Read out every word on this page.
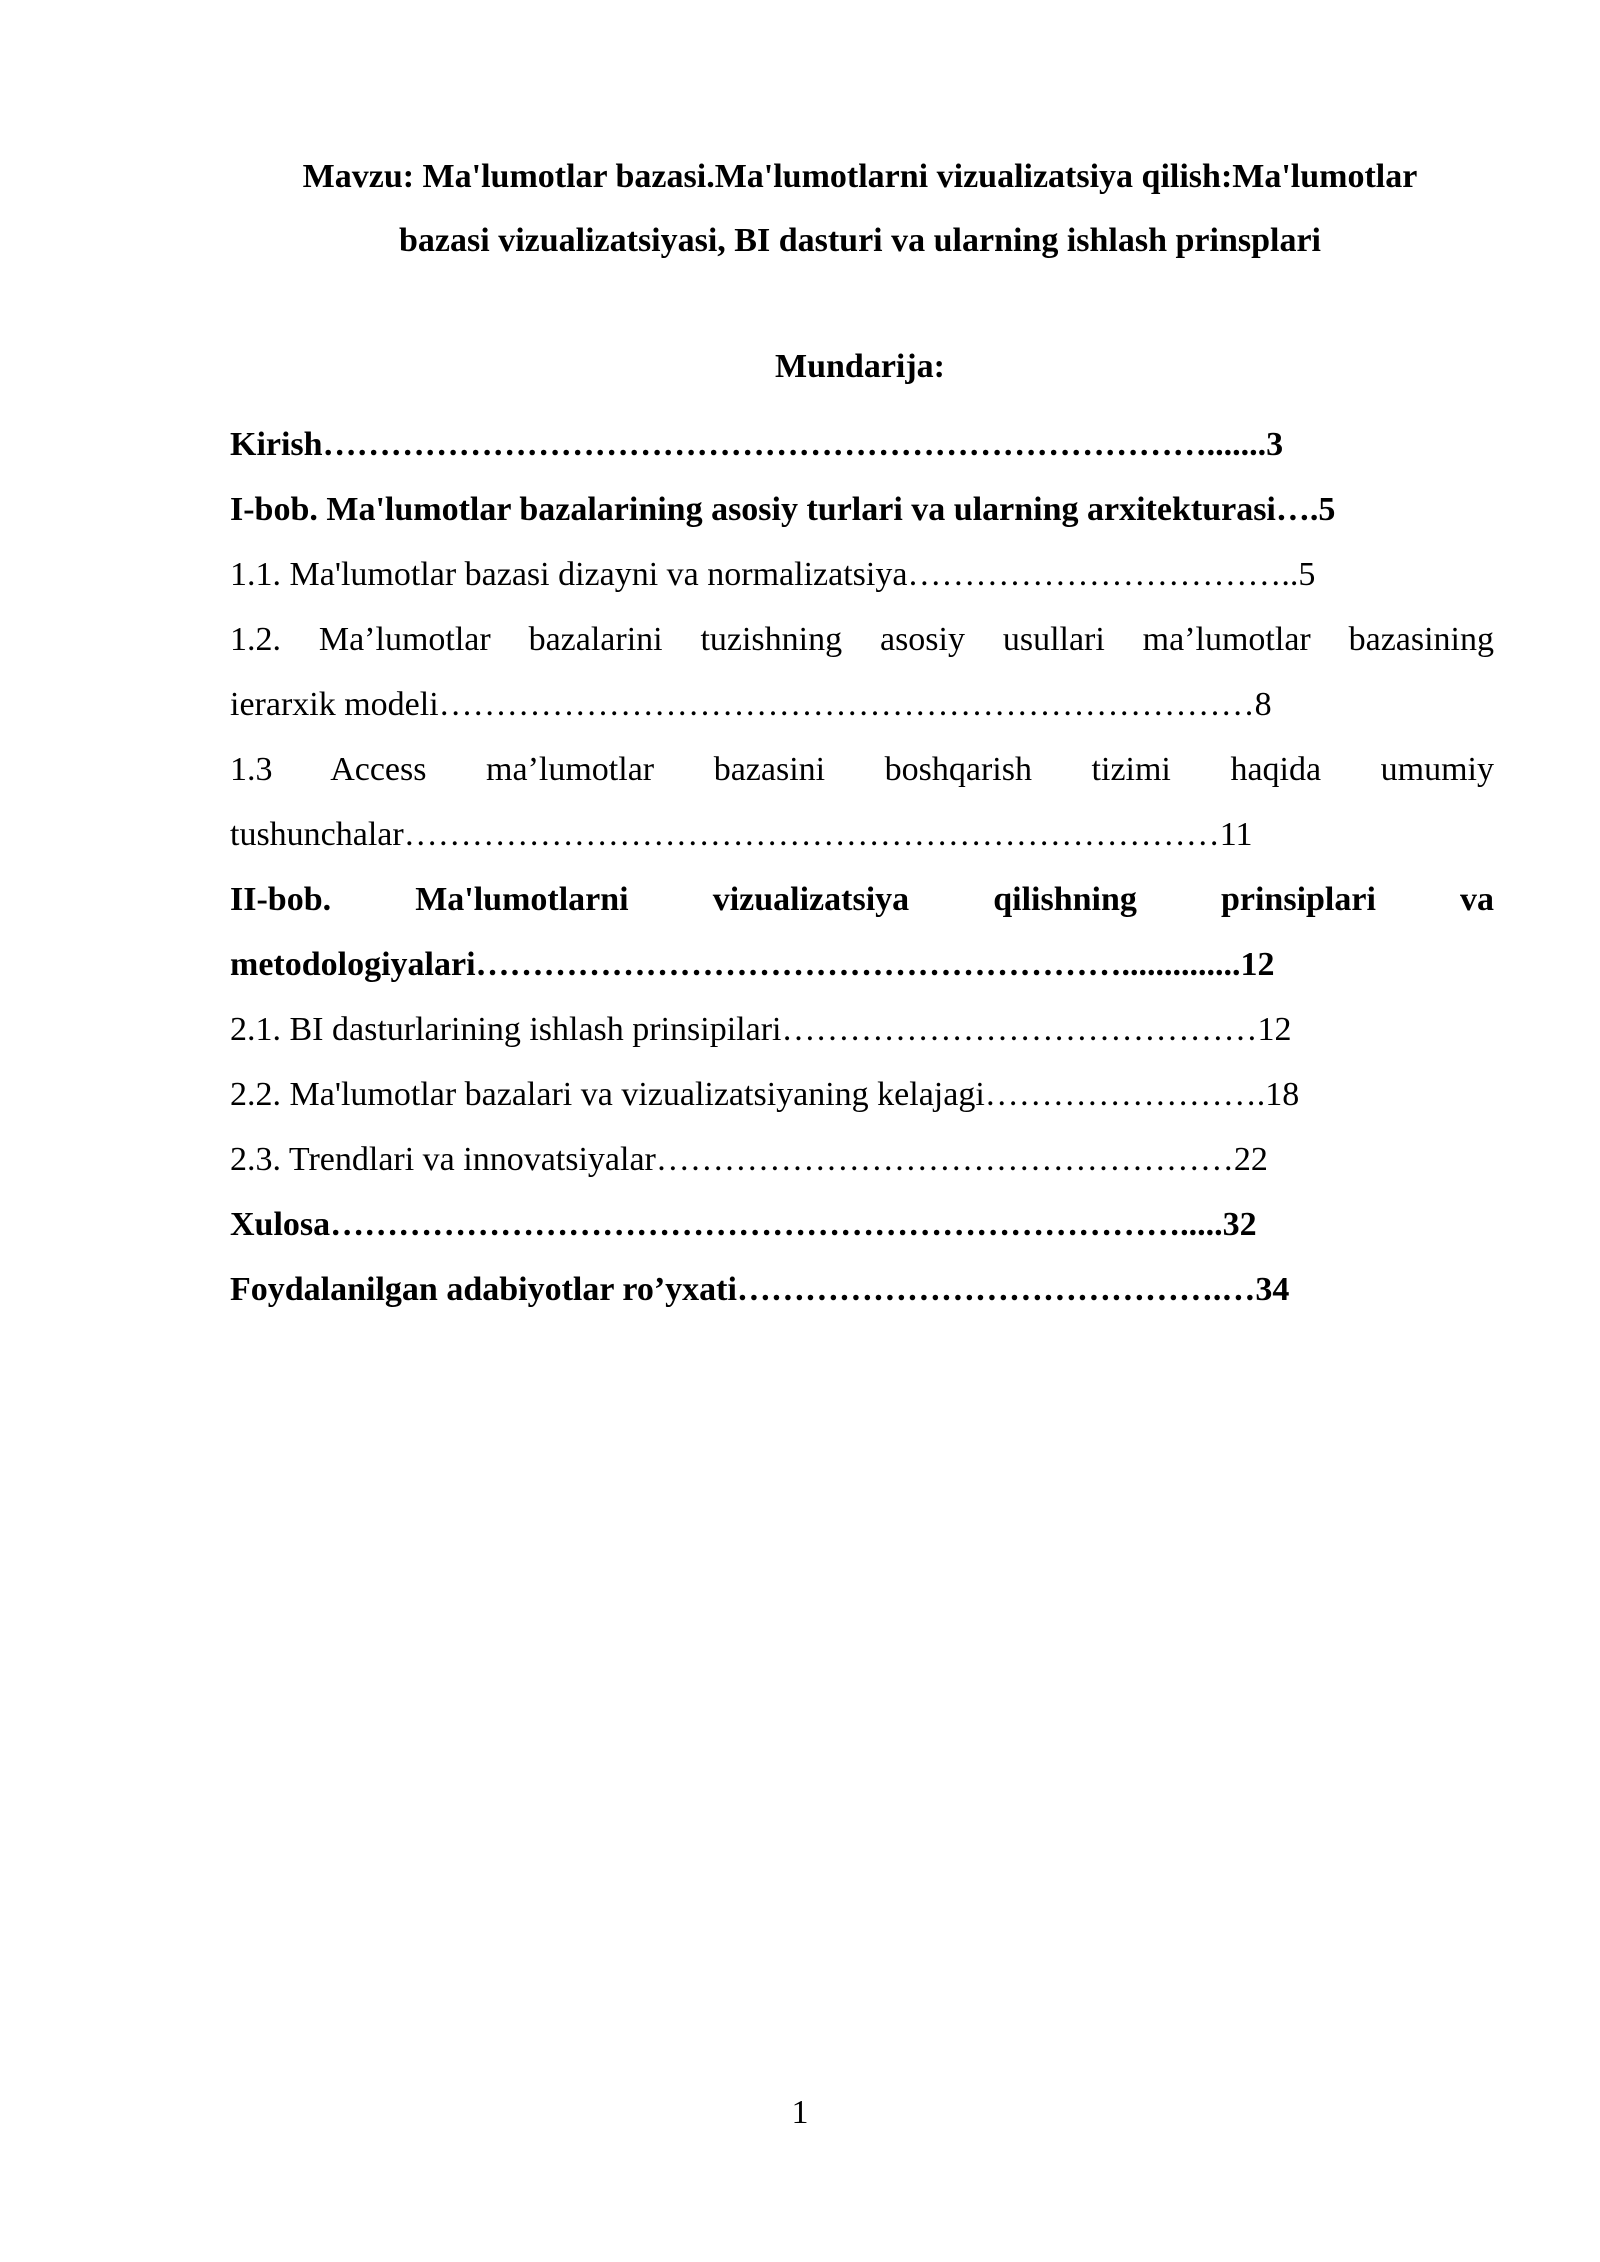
Mavzu: Ma'lumotlar bazasi.Ma'lumotlarni vizualizatsiya qilish:Ma'lumotlar
bazasi vizualizatsiyasi, BI dasturi va ularning ishlash prinsplari
Mundarija:
Kirish…………………………………………………………………….......3
I-bob. Ma'lumotlar bazalarining asosiy turlari va ularning arxitekturasi….5
1.1. Ma'lumotlar bazasi dizayni va normalizatsiya……………………………..5
1.2. Ma’lumotlar bazalarini tuzishning asosiy usullari ma’lumotlar bazasining
ierarxik modeli………………………………………………………………8
1.3 Access ma’lumotlar bazasini boshqarish tizimi haqida umumiy
tushunchalar………………………………………………………………11
II-bob. Ma'lumotlarni vizualizatsiya qilishning prinsiplari va
metodologiyalari…………………………………………………..............12
2.1. BI dasturlarining ishlash prinsipilari……………………………………12
2.2. Ma'lumotlar bazalari va vizualizatsiyaning kelajagi…………………….18
2.3. Trendlari va innovatsiyalar……………………………………………22
Xulosa………………………………………………………………….....32
Foydalanilgan adabiyotlar ro’yxati…………………………………….…34
1
